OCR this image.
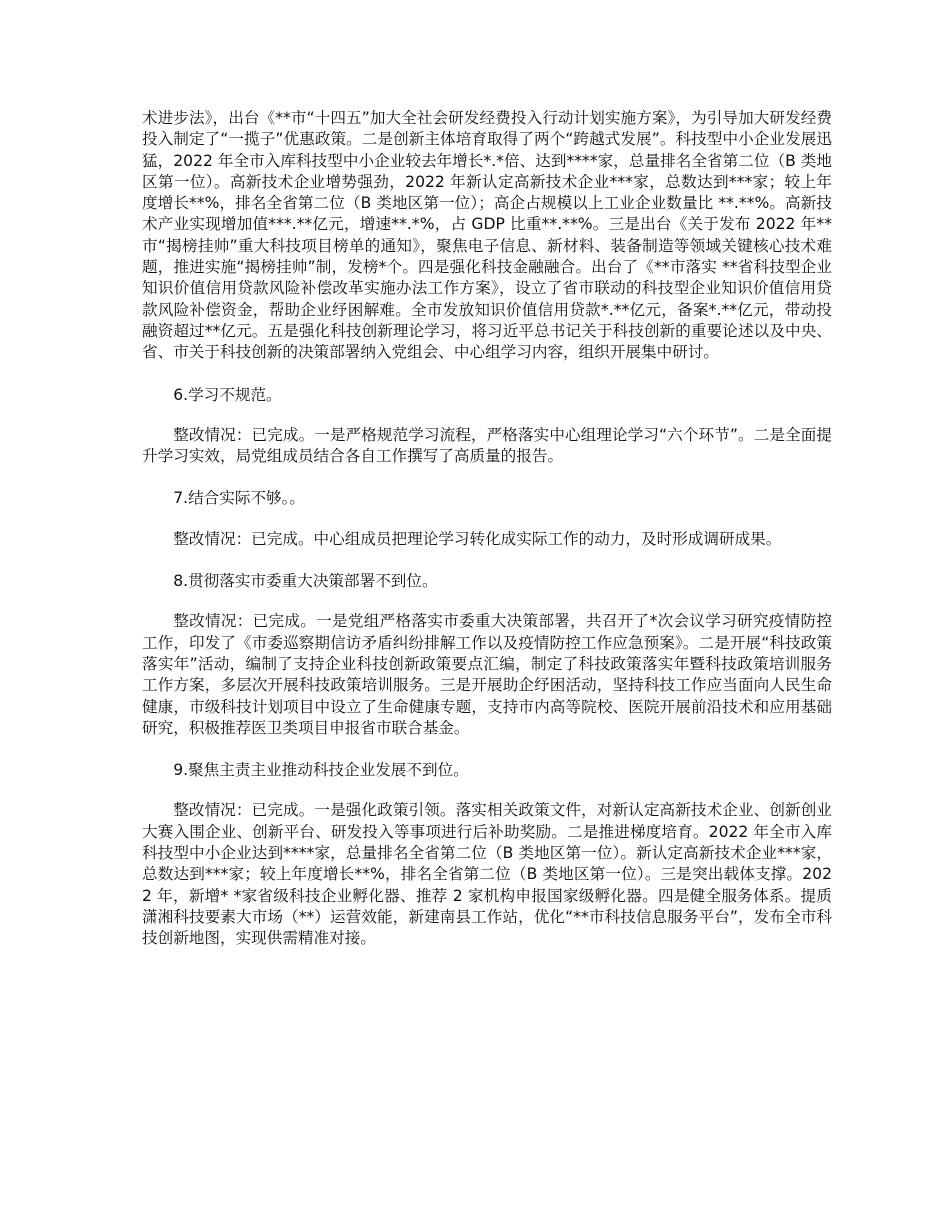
术进步法》，出台《**市“十四五”加大全社会研发经费投入行动计划实施方案》，为引导加大研发经费投入制定了“一揽子”优惠政策。二是创新主体培育取得了两个“跨越式发展”。科技型中小企业发展迅猛，2022 年全市入库科技型中小企业较去年增长*.*倍、达到****家，总量排名全省第二位（B 类地区第一位）。高新技术企业增势强劲，2022 年新认定高新技术企业***家，总数达到***家；较上年度增长**%，排名全省第二位（B 类地区第一位）；高企占规模以上工业企业数量比 **.**%。高新技术产业实现增加值***.**亿元，增速**.*%，占 GDP 比重**.**%。三是出台《关于发布 2022 年**市“揭榜挂帅”重大科技项目榜单的通知》，聚焦电子信息、新材料、装备制造等领域关键核心技术难题，推进实施“揭榜挂帅”制，发榜*个。四是强化科技金融融合。出台了《**市落实 **省科技型企业知识价值信用贷款风险补偿改革实施办法工作方案》，设立了省市联动的科技型企业知识价值信用贷款风险补偿资金，帮助企业纾困解难。全市发放知识价值信用贷款*.**亿元，备案*.**亿元，带动投融资超过**亿元。五是强化科技创新理论学习，将习近平总书记关于科技创新的重要论述以及中央、省、市关于科技创新的决策部署纳入党组会、中心组学习内容，组织开展集中研讨。

6.学习不规范。

整改情况：已完成。一是严格规范学习流程，严格落实中心组理论学习“六个环节”。二是全面提升学习实效，局党组成员结合各自工作撰写了高质量的报告。

7.结合实际不够。。

整改情况：已完成。中心组成员把理论学习转化成实际工作的动力，及时形成调研成果。

8.贯彻落实市委重大决策部署不到位。

整改情况：已完成。一是党组严格落实市委重大决策部署，共召开了*次会议学习研究疫情防控工作，印发了《市委巡察期信访矛盾纠纷排解工作以及疫情防控工作应急预案》。二是开展“科技政策落实年”活动，编制了支持企业科技创新政策要点汇编，制定了科技政策落实年暨科技政策培训服务工作方案，多层次开展科技政策培训服务。三是开展助企纾困活动，坚持科技工作应当面向人民生命健康，市级科技计划项目中设立了生命健康专题，支持市内高等院校、医院开展前沿技术和应用基础研究，积极推荐医卫类项目申报省市联合基金。

9.聚焦主责主业推动科技企业发展不到位。

整改情况：已完成。一是强化政策引领。落实相关政策文件，对新认定高新技术企业、创新创业大赛入围企业、创新平台、研发投入等事项进行后补助奖励。二是推进梯度培育。2022 年全市入库科技型中小企业达到****家，总量排名全省第二位（B 类地区第一位）。新认定高新技术企业***家，总数达到***家；较上年度增长**%，排名全省第二位（B 类地区第一位）。三是突出载体支撑。2022 年，新增* *家省级科技企业孵化器、推荐 2 家机构申报国家级孵化器。四是健全服务体系。提质潇湘科技要素大市场（**）运营效能，新建南县工作站，优化“**市科技信息服务平台”，发布全市科技创新地图，实现供需精准对接。
